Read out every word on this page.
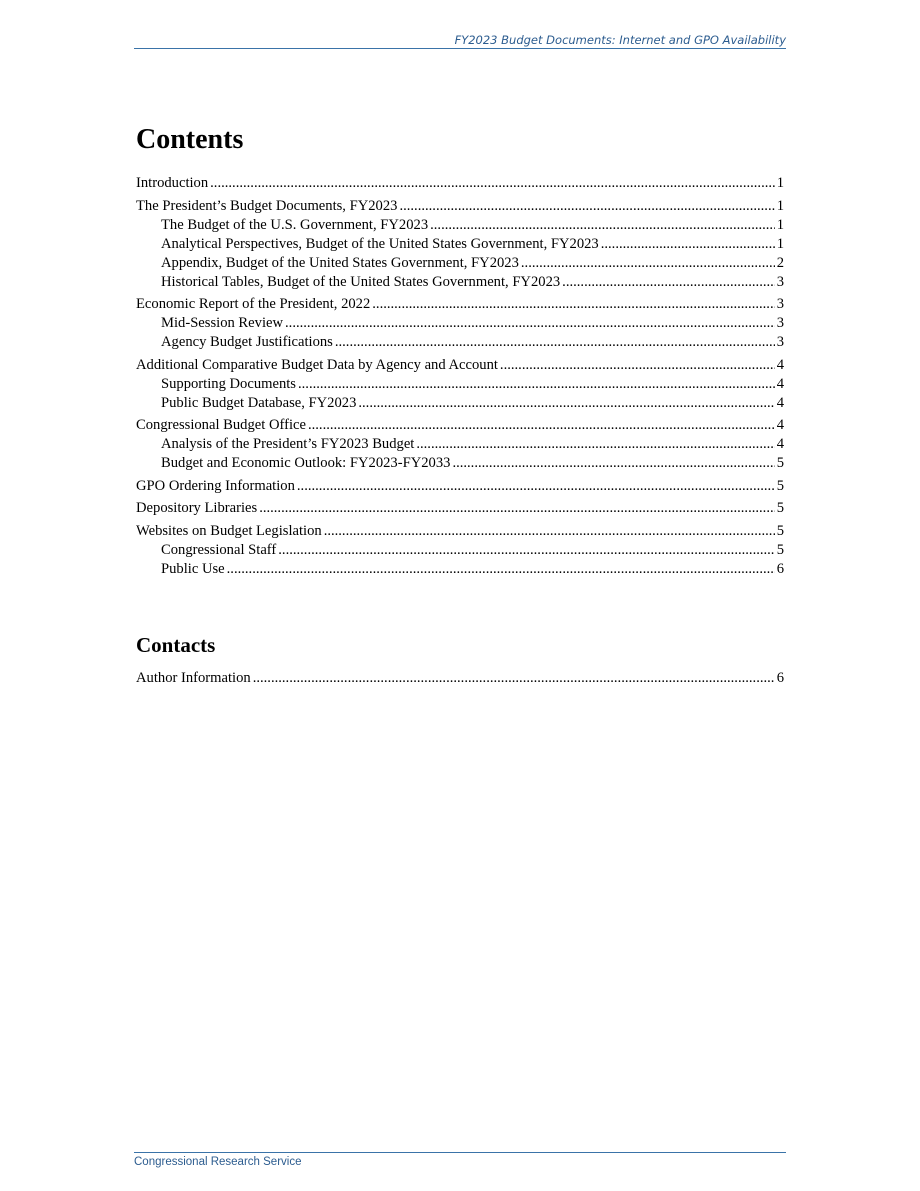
FY2023 Budget Documents: Internet and GPO Availability
Contents
Introduction .....	1
The President’s Budget Documents, FY2023 .....	1
The Budget of the U.S. Government, FY2023 .....	1
Analytical Perspectives, Budget of the United States Government, FY2023 .....	1
Appendix, Budget of the United States Government, FY2023 .....	2
Historical Tables, Budget of the United States Government, FY2023 .....	3
Economic Report of the President, 2022 .....	3
Mid-Session Review .....	3
Agency Budget Justifications .....	3
Additional Comparative Budget Data by Agency and Account .....	4
Supporting Documents .....	4
Public Budget Database, FY2023 .....	4
Congressional Budget Office .....	4
Analysis of the President’s FY2023 Budget .....	4
Budget and Economic Outlook: FY2023-FY2033 .....	5
GPO Ordering Information .....	5
Depository Libraries .....	5
Websites on Budget Legislation .....	5
Congressional Staff .....	5
Public Use .....	6
Contacts
Author Information .....	6
Congressional Research Service
